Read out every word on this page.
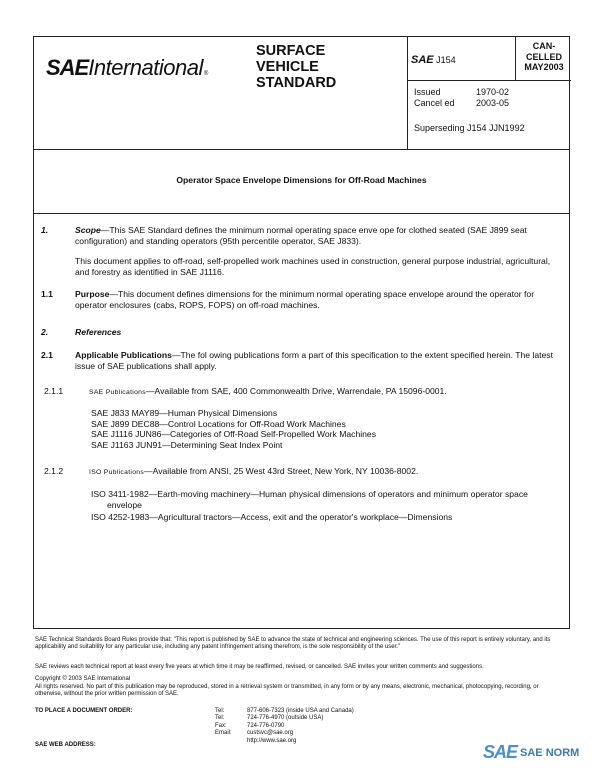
SAE International ®
SURFACE
VEHICLE
STANDARD
SAE J154
CAN-
CELLED
MAY2003
Issued	1970-02
Cancel ed 2003-05
Superseding J154 JJN1992
Operator Space Envelope Dimensions for Off-Road Machines
1.	Scope—This SAE Standard defines the minimum normal operating space enve ope for clothed seated (SAE J899 seat configuration) and standing operators (95th percentile operator, SAE J833).
This document applies to off-road, self-propelled work machines used in construction, general purpose industrial, agricultural, and forestry as identified in SAE J1116.
1.1	Purpose—This document defines dimensions for the minimum normal operating space envelope around the operator for operator enclosures (cabs, ROPS, FOPS) on off-road machines.
2.	References
2.1	Applicable Publications—The fol owing publications form a part of this specification to the extent specified herein. The latest issue of SAE publications shall apply.
2.1.1	SAE Publications—Available from SAE, 400 Commonwealth Drive, Warrendale, PA 15096-0001.
SAE J833 MAY89—Human Physical Dimensions
SAE J899 DEC88—Control Locations for Off-Road Work Machines
SAE J1116 JUN86—Categories of Off-Road Self-Propelled Work Machines
SAE J1163 JUN91—Determining Seat Index Point
2.1.2	ISO Publications—Available from ANSI, 25 West 43rd Street, New York, NY 10036-8002.
ISO 3411-1982—Earth-moving machinery—Human physical dimensions of operators and minimum operator space envelope
ISO 4252-1983—Agricultural tractors—Access, exit and the operator's workplace—Dimensions
SAE Technical Standards Board Rules provide that: "This report is published by SAE to advance the state of technical and engineering sciences. The use of this report is entirely voluntary, and its applicability and suitability for any particular use, including any patent infringement arising therefrom, is the sole responsibility of the user."
SAE reviews each technical report at least every five years at which time it may be reaffirmed, revised, or cancelled. SAE invites your written comments and suggestions.
Copyright © 2003 SAE International
All rights reserved. No part of this publication may be reproduced, stored in a retrieval system or transmitted, in any form or by any means, electronic, mechanical, photocopying, recording, or otherwise, without the prior written permission of SAE.
TO PLACE A DOCUMENT ORDER:
SAE WEB ADDRESS:
Tel:	877-606-7323 (inside USA and Canada)
Tel:	724-776-4970 (outside USA)
Fax:	724-776-0790
Email:	custsvc@sae.org
http://www.sae.org
SAE SAE NORM
